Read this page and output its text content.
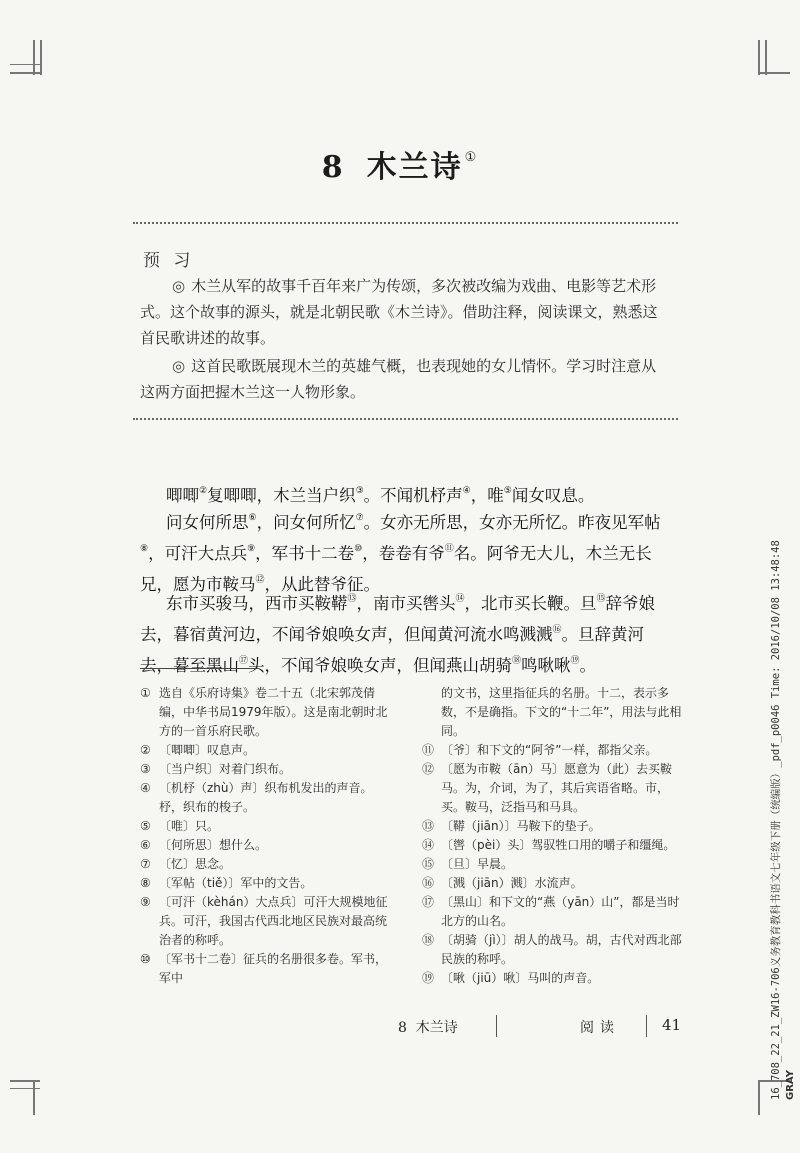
8 木兰诗 ①
预 习
◎ 木兰从军的故事千百年来广为传颂，多次被改编为戏曲、电影等艺术形式。这个故事的源头，就是北朝民歌《木兰诗》。借助注释，阅读课文，熟悉这首民歌讲述的故事。
◎ 这首民歌既展现木兰的英雄气概，也表现她的女儿情怀。学习时注意从这两方面把握木兰这一人物形象。
唧唧②复唧唧，木兰当户织③。不闻机杼声④，唯⑤闻女叹息。
问女何所思⑥，问女何所忆⑦。女亦无所思，女亦无所忆。昨夜见军帖⑧，可汗大点兵⑨，军书十二卷⑩，卷卷有爷⑪名。阿爷无大儿，木兰无长兄，愿为市鞍马⑫，从此替爷征。
东市买骏马，西市买鞍鞯⑬，南市买辔头⑭，北市买长鞭。旦⑮辞爷娘去，暮宿黄河边，不闻爷娘唤女声，但闻黄河流水鸣溅溅⑯。旦辞黄河去，暮至黑山⑰头，不闻爷娘唤女声，但闻燕山胡骑⑱鸣啾啾⑲。

① 选自《乐府诗集》卷二十五（北宋郭茂倩编，中华书局1979年版）。这是南北朝时北方的一首乐府民歌。

② 〔唧唧〕叹息声。

③ 〔当户织〕对着门织布。

④ 〔机杼（zhù）声〕织布机发出的声音。杼，织布的梭子。

⑤ 〔唯〕只。

⑥ 〔何所思〕想什么。

⑦ 〔忆〕思念。

⑧ 〔军帖（tiě）〕军中的文告。

⑨ 〔可汗（kèhán）大点兵〕可汗大规模地征兵。可汗，我国古代西北地区民族对最高统治者的称呼。

⑩ 〔军书十二卷〕征兵的名册很多卷。军书，军中

的文书，这里指征兵的名册。十二，表示多数，不是确指。下文的“十二年”，用法与此相同。

⑪ 〔爷〕和下文的“阿爷”一样，都指父亲。

⑫ 〔愿为市鞍（ān）马〕愿意为（此）去买鞍马。为，介词，为了，其后宾语省略。市，买。鞍马，泛指马和马具。

⑬ 〔鞯（jiān）〕马鞍下的垫子。

⑭ 〔辔（pèi）头〕驾驭牲口用的嚼子和缰绳。

⑮ 〔旦〕早晨。

⑯ 〔溅（jiān）溅〕水流声。

⑰ 〔黑山〕和下文的“燕（yān）山”，都是当时北方的山名。

⑱ 〔胡骑（jì）〕胡人的战马。胡，古代对西北部民族的称呼。

⑲ 〔啾（jiū）啾〕马叫的声音。

8  木兰诗	阅读	41	16_708_22_21_ZW16-706义务教育教科书语文七年级下册（统编版）_pdf_p0046 Time: 2016/10/08 13:48:48 GRAY
